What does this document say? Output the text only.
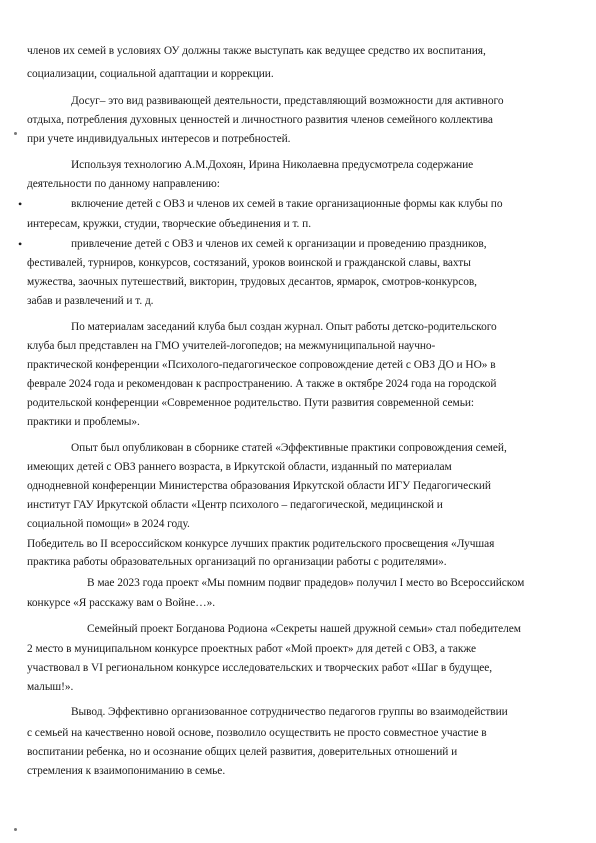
•
•
членов их семей в условиях ОУ должны также выступать как ведущее средство их воспитания,
социализации, социальной адаптации и коррекции.
Досуг– это вид развивающей деятельности, представляющий возможности для активного
отдыха, потребления духовных ценностей и личностного развития членов семейного коллектива
при учете индивидуальных интересов и потребностей.
Используя технологию А.М.Дохоян, Ирина Николаевна предусмотрела содержание
деятельности по данному направлению:
включение детей с ОВЗ и членов их семей в такие организационные формы как клубы по
интересам, кружки, студии, творческие объединения и т. п.
привлечение детей с ОВЗ и членов их семей к организации и проведению праздников,
фестивалей, турниров, конкурсов, состязаний, уроков воинской и гражданской славы, вахты
мужества, заочных путешествий, викторин, трудовых десантов, ярмарок, смотров-конкурсов,
забав и развлечений и т. д.
По материалам заседаний клуба был создан журнал. Опыт работы детско-родительского
клуба был представлен на ГМО учителей-логопедов; на межмуниципальной научно-
практической конференции «Психолого-педагогическое сопровождение детей с ОВЗ ДО и НО» в
феврале 2024 года и рекомендован к распространению. А также в октябре 2024 года на городской
родительской конференции «Современное родительство. Пути развития современной семьи:
практики и проблемы».
Опыт был опубликован в сборнике статей «Эффективные практики сопровождения семей,
имеющих детей с ОВЗ раннего возраста, в Иркутской области, изданный по материалам
однодневной конференции Министерства образования Иркутской области ИГУ Педагогический
институт ГАУ Иркутской области «Центр психолого – педагогической, медицинской и
социальной помощи» в 2024 году.
Победитель во II всероссийском конкурсе лучших практик родительского просвещения «Лучшая
практика работы образовательных организаций по организации работы с родителями».
В мае 2023 года проект «Мы помним подвиг прадедов» получил I место во Всероссийском
конкурсе «Я расскажу вам о Войне…».
Семейный проект Богданова Родиона «Секреты нашей дружной семьи» стал победителем
2 место в муниципальном конкурсе проектных работ «Мой проект» для детей с ОВЗ, а также
участвовал в VI региональном конкурсе исследовательских и творческих работ «Шаг в будущее,
малыш!».
Вывод. Эффективно организованное сотрудничество педагогов группы во взаимодействии
с семьей на качественно новой основе, позволило осуществить не просто совместное участие в
воспитании ребенка, но и осознание общих целей развития, доверительных отношений и
стремления к взаимопониманию в семье.
